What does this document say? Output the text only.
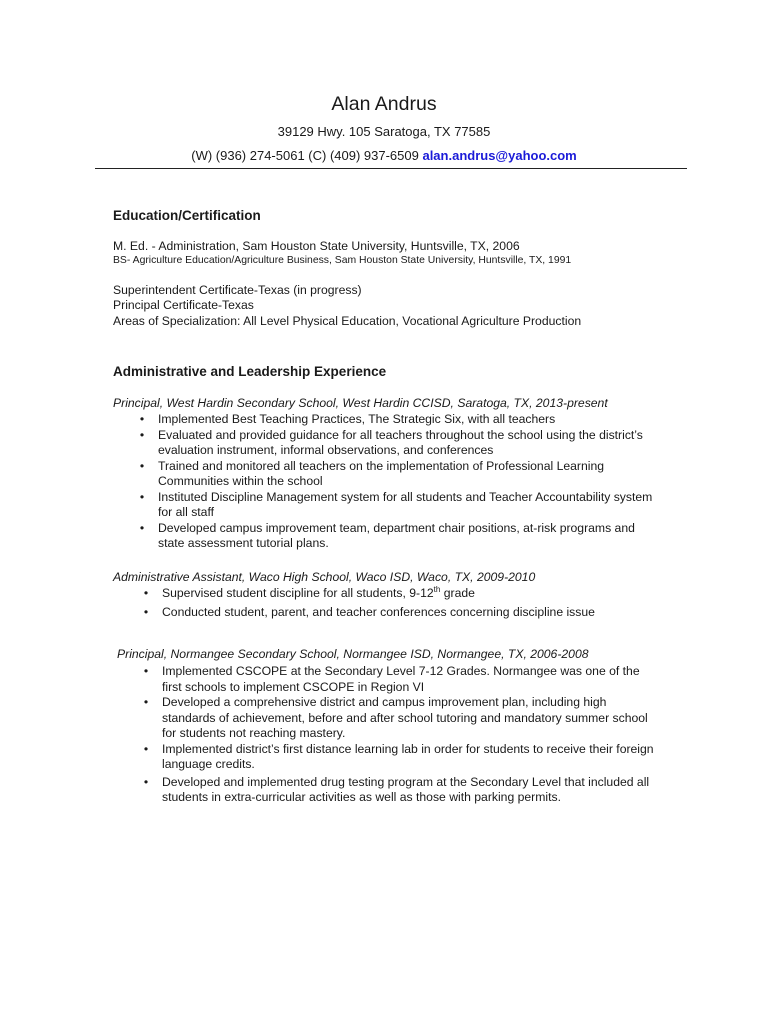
Alan Andrus
39129 Hwy. 105 Saratoga, TX 77585
(W) (936) 274-5061 (C) (409) 937-6509 alan.andrus@yahoo.com
Education/Certification
M. Ed. - Administration, Sam Houston State University, Huntsville, TX, 2006
BS- Agriculture Education/Agriculture Business, Sam Houston State University, Huntsville, TX, 1991
Superintendent Certificate-Texas (in progress)
Principal Certificate-Texas
Areas of Specialization: All Level Physical Education, Vocational Agriculture Production
Administrative and Leadership Experience
Principal, West Hardin Secondary School, West Hardin CCISD, Saratoga, TX, 2013-present
•	Implemented Best Teaching Practices, The Strategic Six, with all teachers
•	Evaluated and provided guidance for all teachers throughout the school using the district’s evaluation instrument, informal observations, and conferences
•	Trained and monitored all teachers on the implementation of Professional Learning Communities within the school
•	Instituted Discipline Management system for all students and Teacher Accountability system for all staff
•	Developed campus improvement team, department chair positions, at-risk programs and state assessment tutorial plans.
Administrative Assistant, Waco High School, Waco ISD, Waco, TX, 2009-2010
•	Supervised student discipline for all students, 9-12th grade
•	Conducted student, parent, and teacher conferences concerning discipline issue
Principal, Normangee Secondary School, Normangee ISD, Normangee, TX, 2006-2008
•	Implemented CSCOPE at the Secondary Level 7-12 Grades. Normangee was one of the first schools to implement CSCOPE in Region VI
•	Developed a comprehensive district and campus improvement plan, including high standards of achievement, before and after school tutoring and mandatory summer school for students not reaching mastery.
•	Implemented district’s first distance learning lab in order for students to receive their foreign language credits.
•	Developed and implemented drug testing program at the Secondary Level that included all students in extra-curricular activities as well as those with parking permits.
